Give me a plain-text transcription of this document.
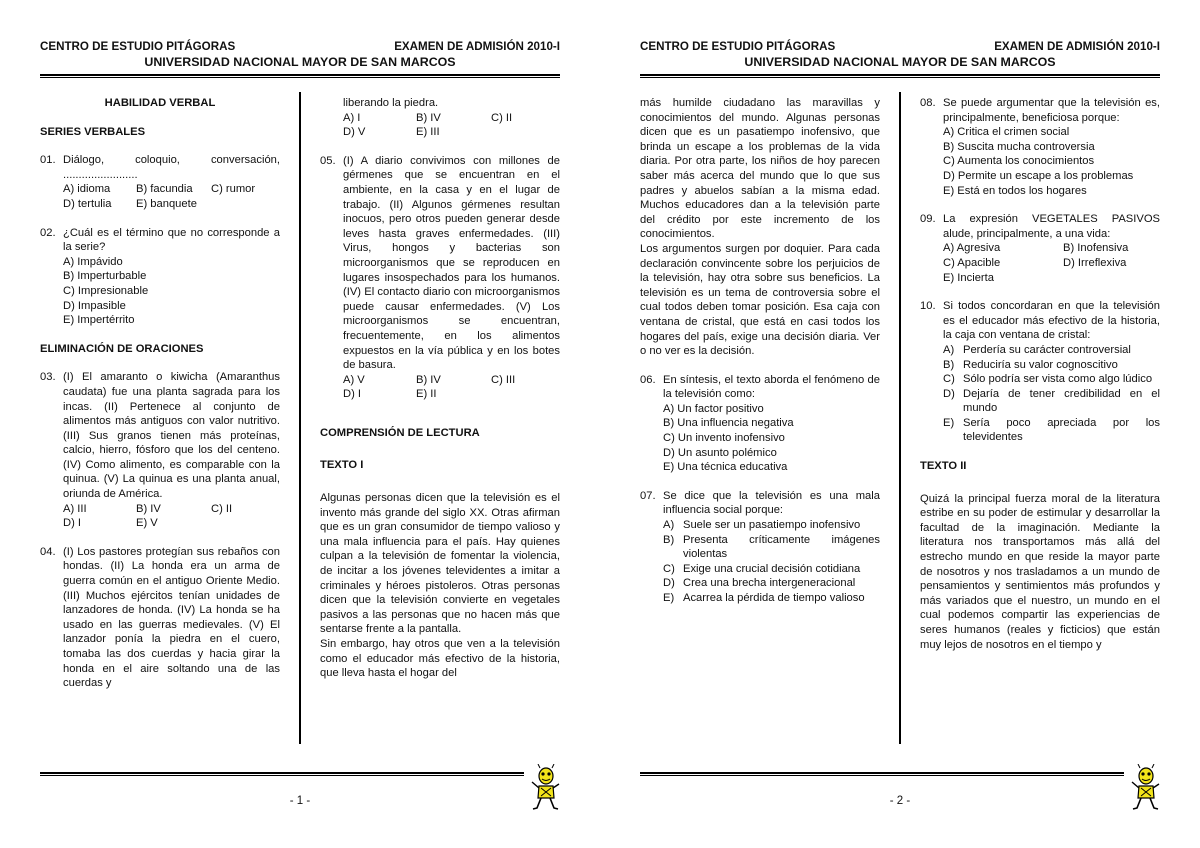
CENTRO DE ESTUDIO PITÁGORAS	EXAMEN DE ADMISIÓN 2010-I
UNIVERSIDAD NACIONAL MAYOR DE SAN MARCOS

HABILIDAD VERBAL

SERIES VERBALES

01. Diálogo, coloquio, conversación, ........................
A) idioma	B) facundia	C) rumor
D) tertulia	E) banquete
02. ¿Cuál es el término que no corresponde a la serie?
A) Impávido
B) Imperturbable
C) Impresionable
D) Impasible
E) Impertérrito

ELIMINACIÓN DE ORACIONES

03. (I) El amaranto o kiwicha (Amaranthus caudata) fue una planta sagrada para los incas. (II) Pertenece al conjunto de alimentos más antiguos con valor nutritivo. (III) Sus granos tienen más proteínas, calcio, hierro, fósforo que los del centeno. (IV) Como alimento, es comparable con la quinua. (V) La quinua es una planta anual, oriunda de América.
A) III	B) IV	C) II
D) I	E) V
04. (I) Los pastores protegían sus rebaños con hondas. (II) La honda era un arma de guerra común en el antiguo Oriente Medio. (III) Muchos ejércitos tenían unidades de lanzadores de honda. (IV) La honda se ha usado en las guerras medievales. (V) El lanzador ponía la piedra en el cuero, tomaba las dos cuerdas y hacia girar la honda en el aire soltando una de las cuerdas y
liberando la piedra.
A) I	B) IV	C) II
D) V	E) III
05. (I) A diario convivimos con millones de gérmenes que se encuentran en el ambiente, en la casa y en el lugar de trabajo. (II) Algunos gérmenes resultan inocuos, pero otros pueden generar desde leves hasta graves enfermedades. (III) Virus, hongos y bacterias son microorganismos que se reproducen en lugares insospechados para los humanos. (IV) El contacto diario con microorganismos puede causar enfermedades. (V) Los microorganismos se encuentran, frecuentemente, en los alimentos expuestos en la vía pública y en los botes de basura.
A) V	B) IV	C) III
D) I	E) II

COMPRENSIÓN DE LECTURA

TEXTO I

Algunas personas dicen que la televisión es el invento más grande del siglo XX. Otras afirman que es un gran consumidor de tiempo valioso y una mala influencia para el país. Hay quienes culpan a la televisión de fomentar la violencia, de incitar a los jóvenes televidentes a imitar a criminales y héroes pistoleros. Otras personas dicen que la televisión convierte en vegetales pasivos a las personas que no hacen más que sentarse frente a la pantalla.

Sin embargo, hay otros que ven a la televisión como el educador más efectivo de la historia, que lleva hasta el hogar del

- 1 -
CENTRO DE ESTUDIO PITÁGORAS	EXAMEN DE ADMISIÓN 2010-I
UNIVERSIDAD NACIONAL MAYOR DE SAN MARCOS

más humilde ciudadano las maravillas y conocimientos del mundo. Algunas personas dicen que es un pasatiempo inofensivo, que brinda un escape a los problemas de la vida diaria. Por otra parte, los niños de hoy parecen saber más acerca del mundo que lo que sus padres y abuelos sabían a la misma edad. Muchos educadores dan a la televisión parte del crédito por este incremento de los conocimientos.

Los argumentos surgen por doquier. Para cada declaración convincente sobre los perjuicios de la televisión, hay otra sobre sus beneficios. La televisión es un tema de controversia sobre el cual todos deben tomar posición. Esa caja con ventana de cristal, que está en casi todos los hogares del país, exige una decisión diaria. Ver o no ver es la decisión.

06. En síntesis, el texto aborda el fenómeno de la televisión como:
A) Un factor positivo
B) Una influencia negativa
C) Un invento inofensivo
D) Un asunto polémico
E) Una técnica educativa
07. Se dice que la televisión es una mala influencia social porque:
A) Suele ser un pasatiempo inofensivo
B) Presenta críticamente imágenes violentas
C) Exige una crucial decisión cotidiana
D) Crea una brecha intergeneracional
E) Acarrea la pérdida de tiempo valioso
08. Se puede argumentar que la televisión es, principalmente, beneficiosa porque:
A) Critica el crimen social
B) Suscita mucha controversia
C) Aumenta los conocimientos
D) Permite un escape a los problemas
E) Está en todos los hogares
09. La expresión VEGETALES PASIVOS alude, principalmente, a una vida:
A) Agresiva	B) Inofensiva
C) Apacible	D) Irreflexiva
E) Incierta
10. Si todos concordaran en que la televisión es el educador más efectivo de la historia, la caja con ventana de cristal:
A) Perdería su carácter controversial
B) Reduciría su valor cognoscitivo
C) Sólo podría ser vista como algo lúdico
D) Dejaría de tener credibilidad en el mundo
E) Sería poco apreciada por los televidentes

TEXTO II

Quizá la principal fuerza moral de la literatura estribe en su poder de estimular y desarrollar la facultad de la imaginación. Mediante la literatura nos transportamos más allá del estrecho mundo en que reside la mayor parte de nosotros y nos trasladamos a un mundo de pensamientos y sentimientos más profundos y más variados que el nuestro, un mundo en el cual podemos compartir las experiencias de seres humanos (reales y ficticios) que están muy lejos de nosotros en el tiempo y

- 2 -
